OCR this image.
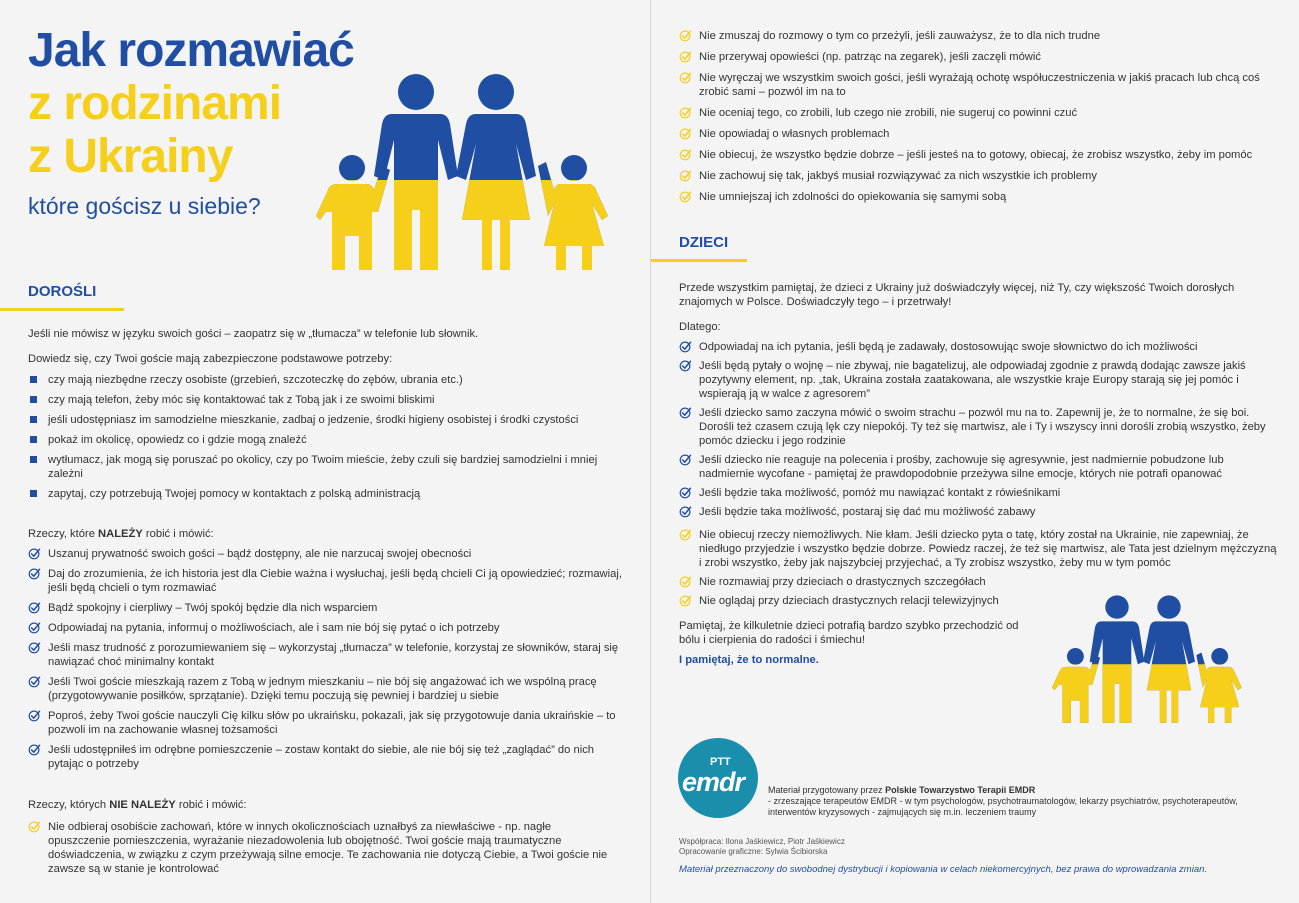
Jak rozmawiać
z rodzinami
z Ukrainy
które gościsz u siebie?
DOROŚLI
Jeśli nie mówisz w języku swoich gości – zaopatrz się w „tłumacza” w telefonie lub słownik.
Dowiedz się, czy Twoi goście mają zabezpieczone podstawowe potrzeby:
czy mają niezbędne rzeczy osobiste (grzebień, szczoteczkę do zębów, ubrania etc.)
czy mają telefon, żeby móc się kontaktować tak z Tobą jak i ze swoimi bliskimi
jeśli udostępniasz im samodzielne mieszkanie, zadbaj o jedzenie, środki higieny osobistej i środki czystości
pokaż im okolicę, opowiedz co i gdzie mogą znaleźć
wytłumacz, jak mogą się poruszać po okolicy, czy po Twoim mieście, żeby czuli się bardziej samodzielni i mniej zależni
zapytaj, czy potrzebują Twojej pomocy w kontaktach z polską administracją
Rzeczy, które NALEŻY robić i mówić:
Uszanuj prywatność swoich gości – bądź dostępny, ale nie narzucaj swojej obecności
Daj do zrozumienia, że ich historia jest dla Ciebie ważna i wysłuchaj, jeśli będą chcieli Ci ją opowiedzieć; rozmawiaj, jeśli będą chcieli o tym rozmawiać
Bądź spokojny i cierpliwy – Twój spokój będzie dla nich wsparciem
Odpowiadaj na pytania, informuj o możliwościach, ale i sam nie bój się pytać o ich potrzeby
Jeśli masz trudność z porozumiewaniem się – wykorzystaj „tłumacza” w telefonie, korzystaj ze słowników, staraj się nawiązać choć minimalny kontakt
Jeśli Twoi goście mieszkają razem z Tobą w jednym mieszkaniu – nie bój się angażować ich we wspólną pracę (przygotowywanie posiłków, sprzątanie). Dzięki temu poczują się pewniej i bardziej u siebie
Poproś, żeby Twoi goście nauczyli Cię kilku słów po ukraińsku, pokazali, jak się przygotowuje dania ukraińskie – to pozwoli im na zachowanie własnej tożsamości
Jeśli udostępniłeś im odrębne pomieszczenie – zostaw kontakt do siebie, ale nie bój się też „zaglądać” do nich pytając o potrzeby
Rzeczy, których NIE NALEŻY robić i mówić:
Nie odbieraj osobiście zachowań, które w innych okolicznościach uznałbyś za niewłaściwe - np. nagłe opuszczenie pomieszczenia, wyrażanie niezadowolenia lub obojętność. Twoi goście mają traumatyczne doświadczenia, w związku z czym przeżywają silne emocje. Te zachowania nie dotyczą Ciebie, a Twoi goście nie zawsze są w stanie je kontrolować
Nie zmuszaj do rozmowy o tym co przeżyli, jeśli zauważysz, że to dla nich trudne
Nie przerywaj opowieści (np. patrząc na zegarek), jeśli zaczęli mówić
Nie wyręczaj we wszystkim swoich gości, jeśli wyrażają ochotę współuczestniczenia w jakiś pracach lub chcą coś zrobić sami – pozwól im na to
Nie oceniaj tego, co zrobili, lub czego nie zrobili, nie sugeruj co powinni czuć
Nie opowiadaj o własnych problemach
Nie obiecuj, że wszystko będzie dobrze – jeśli jesteś na to gotowy, obiecaj, że zrobisz wszystko, żeby im pomóc
Nie zachowuj się tak, jakbyś musiał rozwiązywać za nich wszystkie ich problemy
Nie umniejszaj ich zdolności do opiekowania się samymi sobą
DZIECI
Przede wszystkim pamiętaj, że dzieci z Ukrainy już doświadczyły więcej, niż Ty, czy większość Twoich dorosłych znajomych w Polsce. Doświadczyły tego – i przetrwały!
Dlatego:
Odpowiadaj na ich pytania, jeśli będą je zadawały, dostosowując swoje słownictwo do ich możliwości
Jeśli będą pytały o wojnę – nie zbywaj, nie bagatelizuj, ale odpowiadaj zgodnie z prawdą dodając zawsze jakiś pozytywny element, np. „tak, Ukraina została zaatakowana, ale wszystkie kraje Europy starają się jej pomóc i wspierają ją w walce z agresorem”
Jeśli dziecko samo zaczyna mówić o swoim strachu – pozwól mu na to. Zapewnij je, że to normalne, że się boi. Dorośli też czasem czują lęk czy niepokój. Ty też się martwisz, ale i Ty i wszyscy inni dorośli zrobią wszystko, żeby pomóc dziecku i jego rodzinie
Jeśli dziecko nie reaguje na polecenia i prośby, zachowuje się agresywnie, jest nadmiernie pobudzone lub nadmiernie wycofane - pamiętaj że prawdopodobnie przeżywa silne emocje, których nie potrafi opanować
Jeśli będzie taka możliwość, pomóż mu nawiązać kontakt z rówieśnikami
Jeśli będzie taka możliwość, postaraj się dać mu możliwość zabawy
Nie obiecuj rzeczy niemożliwych. Nie kłam. Jeśli dziecko pyta o tatę, który został na Ukrainie, nie zapewniaj, że niedługo przyjedzie i wszystko będzie dobrze. Powiedz raczej, że też się martwisz, ale Tata jest dzielnym mężczyzną i zrobi wszystko, żeby jak najszybciej przyjechać, a Ty zrobisz wszystko, żeby mu w tym pomóc
Nie rozmawiaj przy dzieciach o drastycznych szczegółach
Nie oglądaj przy dzieciach drastycznych relacji telewizyjnych
Pamiętaj, że kilkuletnie dzieci potrafią bardzo szybko przechodzić od bólu i cierpienia do radości i śmiechu!
I pamiętaj, że to normalne.
PTT
emdr	Materiał przygotowany przez Polskie Towarzystwo Terapii EMDR
- zrzeszające terapeutów EMDR - w tym psychologów, psychotraumatologów, lekarzy psychiatrów, psychoterapeutów, interwentów kryzysowych - zajmujących się m.in. leczeniem traumy
Współpraca: Ilona Jaśkiewicz, Piotr Jaśkiewicz
Opracowanie graficzne: Sylwia Ścibiorska
Materiał przeznaczony do swobodnej dystrybucji i kopiowania w celach niekomercyjnych, bez prawa do wprowadzania zmian.
